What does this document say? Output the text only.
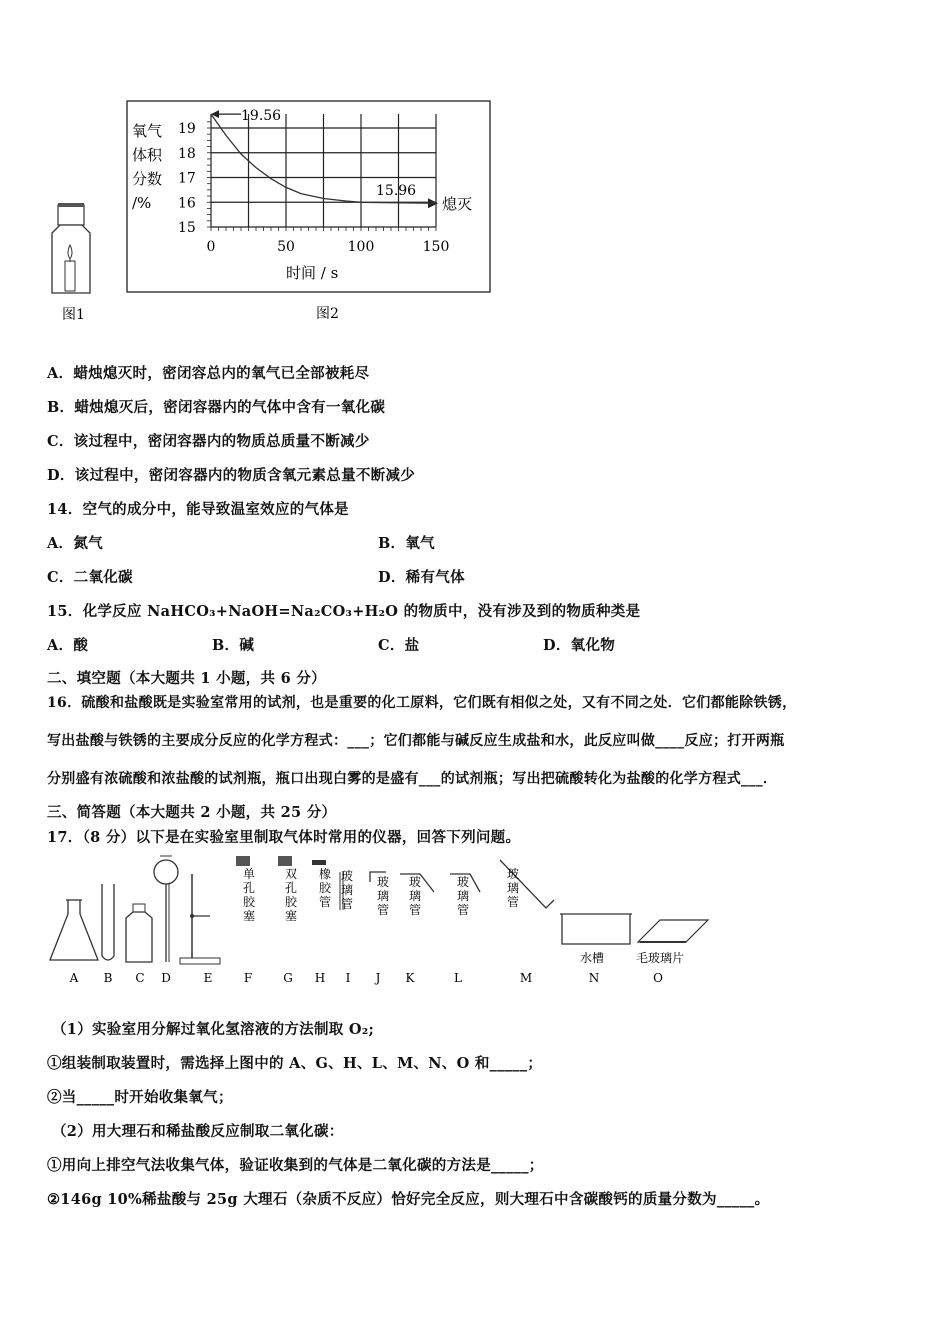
图1
氧气
体积
分数
/%
19
18
17
16
15
0	50	100	150
19.56
15.96
熄灭
时间 / s
图2
A．蜡烛熄灭时，密闭容总内的氧气已全部被耗尽
B．蜡烛熄灭后，密闭容器内的气体中含有一氧化碳
C．该过程中，密闭容器内的物质总质量不断减少
D．该过程中，密闭容器内的物质含氧元素总量不断减少
14．空气的成分中，能导致温室效应的气体是
A．氮气	B．氧气
C．二氧化碳	D．稀有气体
15．化学反应 NaHCO₃+NaOH=Na₂CO₃+H₂O 的物质中，没有涉及到的物质种类是
A．酸	B．碱	C．盐	D．氧化物
二、填空题（本大题共 1 小题，共 6 分）
16．硫酸和盐酸既是实验室常用的试剂，也是重要的化工原料，它们既有相似之处，又有不同之处．它们都能除铁锈，
写出盐酸与铁锈的主要成分反应的化学方程式：___；它们都能与碱反应生成盐和水，此反应叫做____反应；打开两瓶
分别盛有浓硫酸和浓盐酸的试剂瓶，瓶口出现白雾的是盛有___的试剂瓶；写出把硫酸转化为盐酸的化学方程式___．
三、简答题（本大题共 2 小题，共 25 分）
17．（8 分）以下是在实验室里制取气体时常用的仪器，回答下列问题。
单孔胶塞
双孔胶塞
橡胶管
玻璃管
玻璃管
玻璃管
玻璃管
玻璃管
水槽	毛玻璃片
A B C D	E	F	G H I J K	L	M	N	O
（1）实验室用分解过氧化氢溶液的方法制取 O₂;
①组装制取装置时，需选择上图中的 A、G、H、L、M、N、O 和_____；
②当_____时开始收集氧气；
（2）用大理石和稀盐酸反应制取二氧化碳：
①用向上排空气法收集气体，验证收集到的气体是二氧化碳的方法是_____；
②146g 10%稀盐酸与 25g 大理石（杂质不反应）恰好完全反应，则大理石中含碳酸钙的质量分数为_____。
